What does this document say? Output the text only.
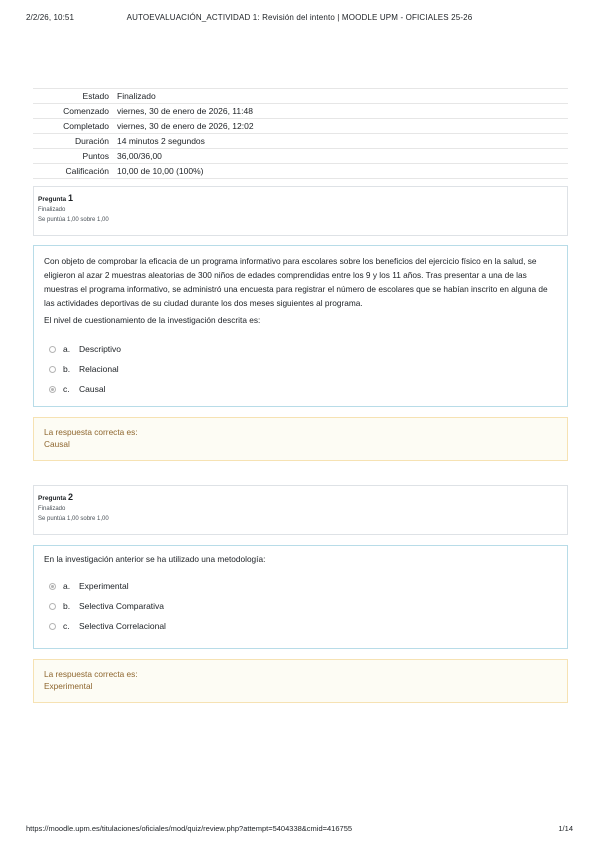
2/2/26, 10:51	AUTOEVALUACIÓN_ACTIVIDAD 1: Revisión del intento | MOODLE UPM - OFICIALES 25-26
Estado Finalizado
Comenzado viernes, 30 de enero de 2026, 11:48
Completado viernes, 30 de enero de 2026, 12:02
Duración 14 minutos 2 segundos
Puntos 36,00/36,00
Calificación 10,00 de 10,00 (100%)
Pregunta 1
Finalizado
Se puntúa 1,00 sobre 1,00
Con objeto de comprobar la eficacia de un programa informativo para escolares sobre los beneficios del ejercicio físico en la salud, se eligieron al azar 2 muestras aleatorias de 300 niños de edades comprendidas entre los 9 y los 11 años. Tras presentar a una de las muestras el programa informativo, se administró una encuesta para registrar el número de escolares que se habían inscrito en alguna de las actividades deportivas de su ciudad durante los dos meses siguientes al programa.
El nivel de cuestionamiento de la investigación descrita es:
a.	Descriptivo
b.	Relacional
c.	Causal
La respuesta correcta es:
Causal
Pregunta 2
Finalizado
Se puntúa 1,00 sobre 1,00
En la investigación anterior se ha utilizado una metodología:
a.	Experimental
b.	Selectiva Comparativa
c.	Selectiva Correlacional
La respuesta correcta es:
Experimental
https://moodle.upm.es/titulaciones/oficiales/mod/quiz/review.php?attempt=5404338&cmid=416755	1/14
